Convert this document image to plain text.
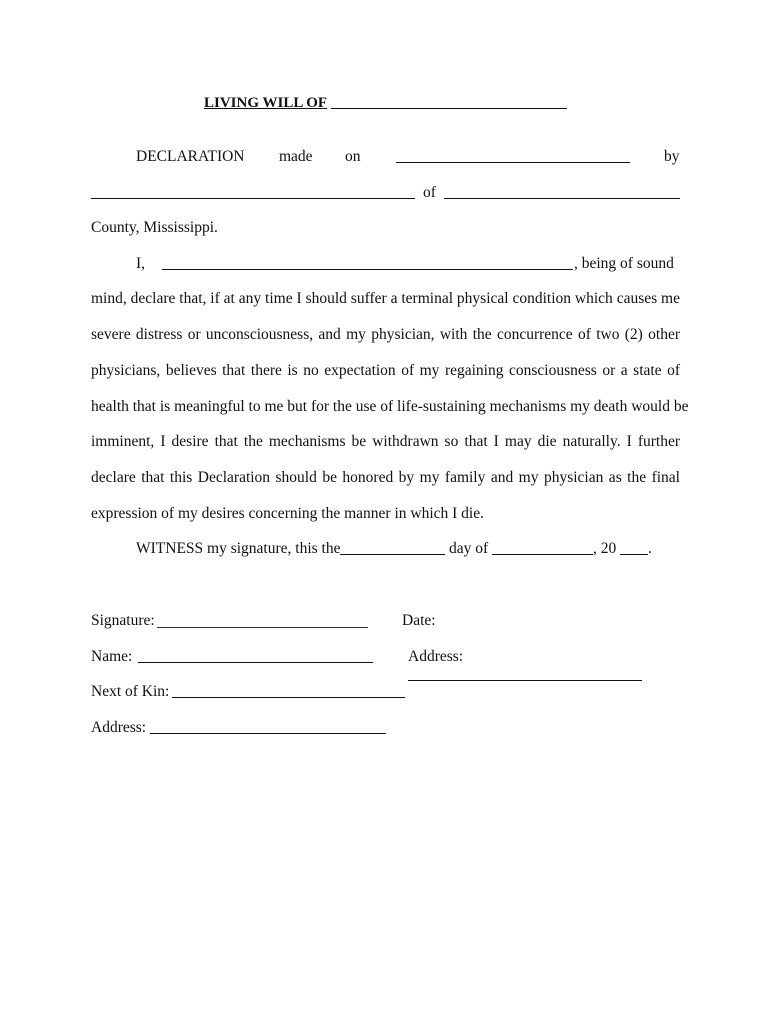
LIVING WILL OF
DECLARATION made on	by
of
County, Mississippi.
I,	, being of sound
mind, declare that, if at any time I should suffer a terminal physical condition which causes me
severe distress or unconsciousness, and my physician, with the concurrence of two (2) other
physicians, believes that there is no expectation of my regaining consciousness or a state of
health that is meaningful to me but for the use of life-sustaining mechanisms my death would be
imminent, I desire that the mechanisms be withdrawn so that I may die naturally. I further
declare that this Declaration should be honored by my family and my physician as the final
expression of my desires concerning the manner in which I die.
WITNESS my signature, this the	day of	, 20 .
Signature:	Date:
Name:	Address:
Next of Kin:
Address:
